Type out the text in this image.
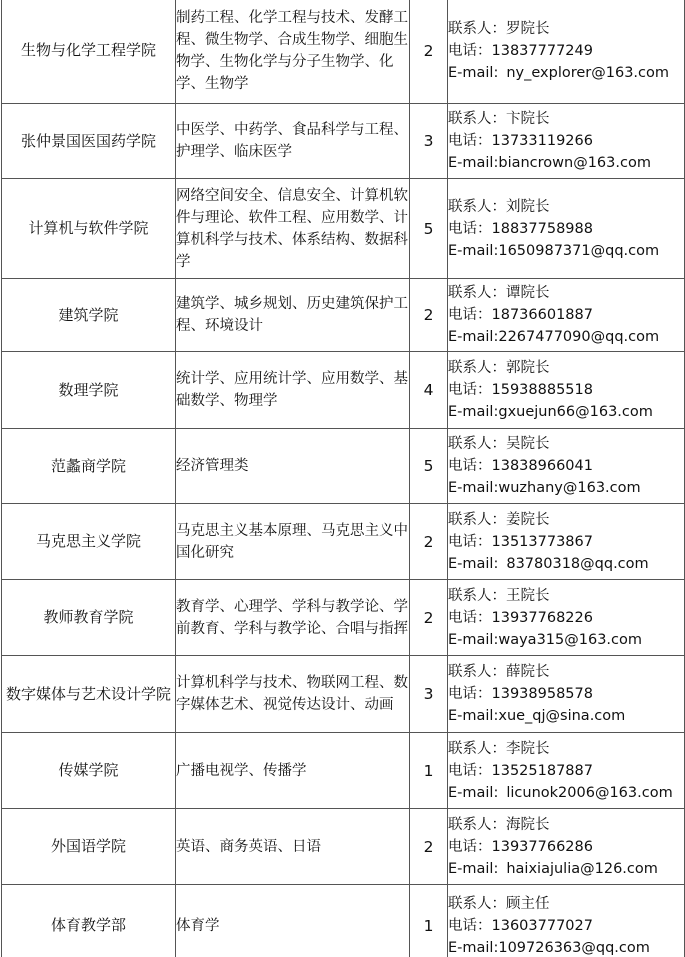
生物与化学工程学院	制药工程、化学工程与技术、发酵工程、微生物学、合成生物学、细胞生物学、生物化学与分子生物学、化学、生物学	2	联系人：罗院长
电话：13837777249
E-mail: ny_explorer@163.com

张仲景国医国药学院	中医学、中药学、食品科学与工程、护理学、临床医学	3	联系人：卞院长
电话：13733119266
E-mail:biancrown@163.com

计算机与软件学院	网络空间安全、信息安全、计算机软件与理论、软件工程、应用数学、计算机科学与技术、体系结构、数据科学	5	联系人：刘院长
电话：18837758988
E-mail:1650987371@qq.com

建筑学院	建筑学、城乡规划、历史建筑保护工程、环境设计	2	联系人：谭院长
电话：18736601887
E-mail:2267477090@qq.com

数理学院	统计学、应用统计学、应用数学、基础数学、物理学	4	联系人：郭院长
电话：15938885518
E-mail:gxuejun66@163.com

范蠡商学院	经济管理类	5	联系人：吴院长
电话：13838966041
E-mail:wuzhany@163.com

马克思主义学院	马克思主义基本原理、马克思主义中国化研究	2	联系人：姜院长
电话：13513773867
E-mail: 83780318@qq.com

教师教育学院	教育学、心理学、学科与教学论、学前教育、学科与教学论、合唱与指挥	2	联系人：王院长
电话：13937768226
E-mail:waya315@163.com

数字媒体与艺术设计学院	计算机科学与技术、物联网工程、数字媒体艺术、视觉传达设计、动画	3	联系人：薛院长
电话：13938958578
E-mail:xue_qj@sina.com

传媒学院	广播电视学、传播学	1	联系人：李院长
电话：13525187887
E-mail: licunok2006@163.com

外国语学院	英语、商务英语、日语	2	联系人：海院长
电话：13937766286
E-mail: haixiajulia@126.com

体育教学部	体育学	1	联系人：顾主任
电话：13603777027
E-mail:109726363@qq.com
